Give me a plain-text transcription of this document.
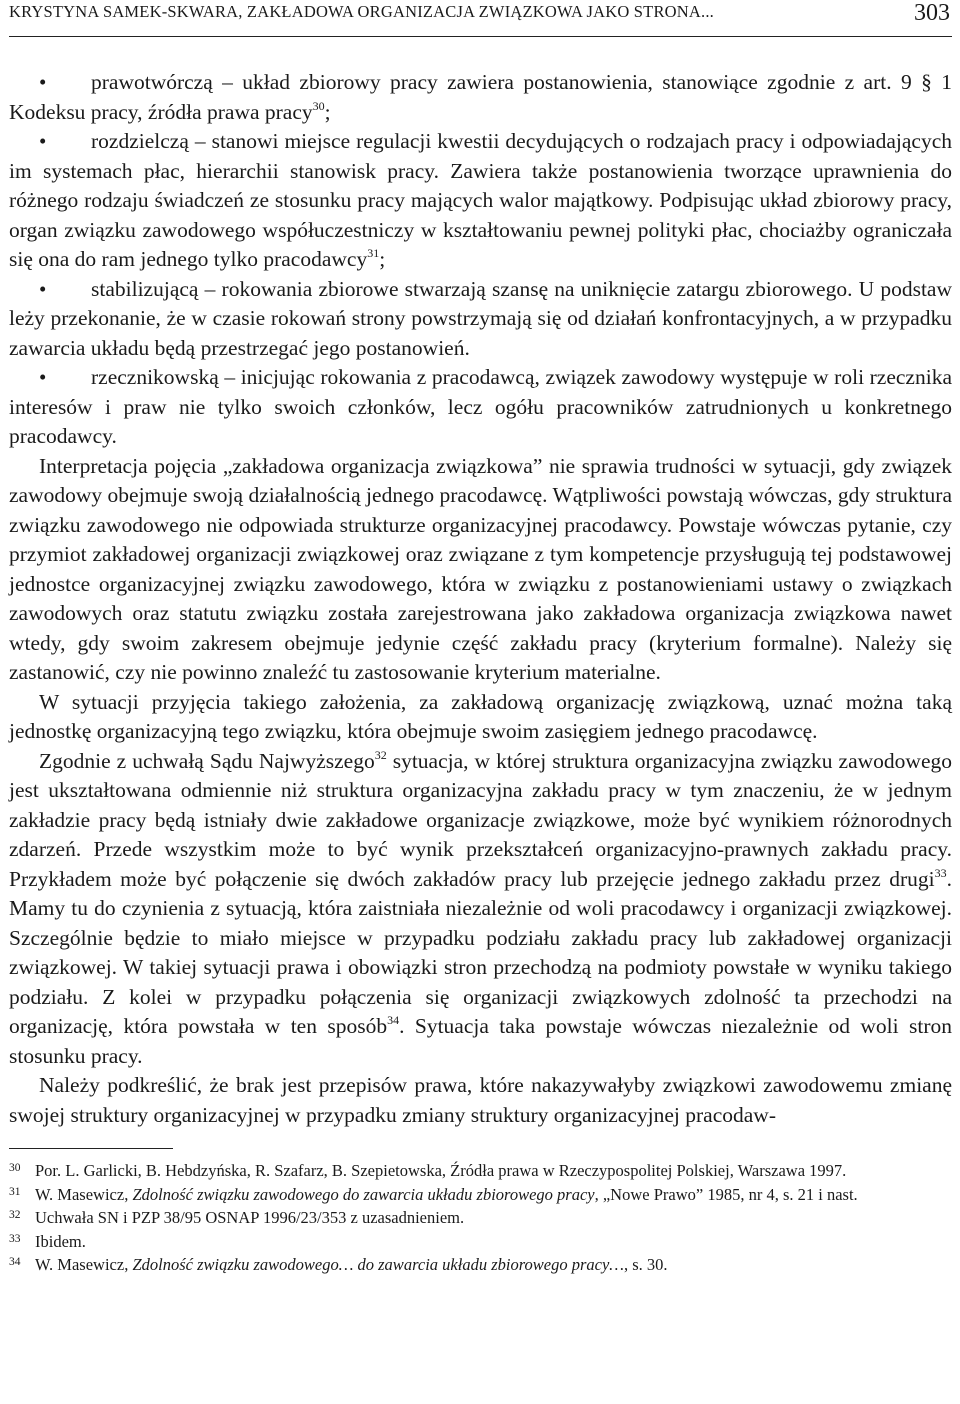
KRYSTYNA SAMEK-SKWARA, ZAKŁADOWA ORGANIZACJA ZWIĄZKOWA JAKO STRONA...	303

• prawotwórczą – układ zbiorowy pracy zawiera postanowienia, stanowiące zgodnie z art. 9 § 1 Kodeksu pracy, źródła prawa pracy$^{30}$;

• rozdzielczą – stanowi miejsce regulacji kwestii decydujących o rodzajach pracy i odpowiadających im systemach płac, hierarchii stanowisk pracy. Zawiera także postanowienia tworzące uprawnienia do różnego rodzaju świadczeń ze stosunku pracy mających walor majątkowy. Podpisując układ zbiorowy pracy, organ związku zawodowego współuczestniczy w kształtowaniu pewnej polityki płac, chociażby ograniczała się ona do ram jednego tylko pracodawcy$^{31}$;

• stabilizującą – rokowania zbiorowe stwarzają szansę na uniknięcie zatargu zbiorowego. U podstaw leży przekonanie, że w czasie rokowań strony powstrzymają się od działań konfrontacyjnych, a w przypadku zawarcia układu będą przestrzegać jego postanowień.

• rzecznikowską – inicjując rokowania z pracodawcą, związek zawodowy występuje w roli rzecznika interesów i praw nie tylko swoich członków, lecz ogółu pracowników zatrudnionych u konkretnego pracodawcy.

Interpretacja pojęcia „zakładowa organizacja związkowa” nie sprawia trudności w sytuacji, gdy związek zawodowy obejmuje swoją działalnością jednego pracodawcę. Wątpliwości powstają wówczas, gdy struktura związku zawodowego nie odpowiada strukturze organizacyjnej pracodawcy. Powstaje wówczas pytanie, czy przymiot zakładowej organizacji związkowej oraz związane z tym kompetencje przysługują tej podstawowej jednostce organizacyjnej związku zawodowego, która w związku z postanowieniami ustawy o związkach zawodowych oraz statutu związku została zarejestrowana jako zakładowa organizacja związkowa nawet wtedy, gdy swoim zakresem obejmuje jedynie część zakładu pracy (kryterium formalne). Należy się zastanowić, czy nie powinno znaleźć tu zastosowanie kryterium materialne.

W sytuacji przyjęcia takiego założenia, za zakładową organizację związkową, uznać można taką jednostkę organizacyjną tego związku, która obejmuje swoim zasięgiem jednego pracodawcę.

Zgodnie z uchwałą Sądu Najwyższego$^{32}$ sytuacja, w której struktura organizacyjna związku zawodowego jest ukształtowana odmiennie niż struktura organizacyjna zakładu pracy w tym znaczeniu, że w jednym zakładzie pracy będą istniały dwie zakładowe organizacje związkowe, może być wynikiem różnorodnych zdarzeń. Przede wszystkim może to być wynik przekształceń organizacyjno-prawnych zakładu pracy. Przykładem może być połączenie się dwóch zakładów pracy lub przejęcie jednego zakładu przez drugi$^{33}$. Mamy tu do czynienia z sytuacją, która zaistniała niezależnie od woli pracodawcy i organizacji związkowej. Szczególnie będzie to miało miejsce w przypadku podziału zakładu pracy lub zakładowej organizacji związkowej. W takiej sytuacji prawa i obowiązki stron przechodzą na podmioty powstałe w wyniku takiego podziału. Z kolei w przypadku połączenia się organizacji związkowych zdolność ta przechodzi na organizację, która powstała w ten sposób$^{34}$. Sytuacja taka powstaje wówczas niezależnie od woli stron stosunku pracy.

Należy podkreślić, że brak jest przepisów prawa, które nakazywałyby związkowi zawodowemu zmianę swojej struktury organizacyjnej w przypadku zmiany struktury organizacyjnej pracodaw-

30 Por. L. Garlicki, B. Hebdzyńska, R. Szafarz, B. Szepietowska, Źródła prawa w Rzeczypospolitej Polskiej, Warszawa 1997.

31 W. Masewicz, Zdolność związku zawodowego do zawarcia układu zbiorowego pracy, „Nowe Prawo” 1985, nr 4, s. 21 i nast.

32 Uchwała SN i PZP 38/95 OSNAP 1996/23/353 z uzasadnieniem.

33 Ibidem.

34 W. Masewicz, Zdolność związku zawodowego… do zawarcia układu zbiorowego pracy…, s. 30.
